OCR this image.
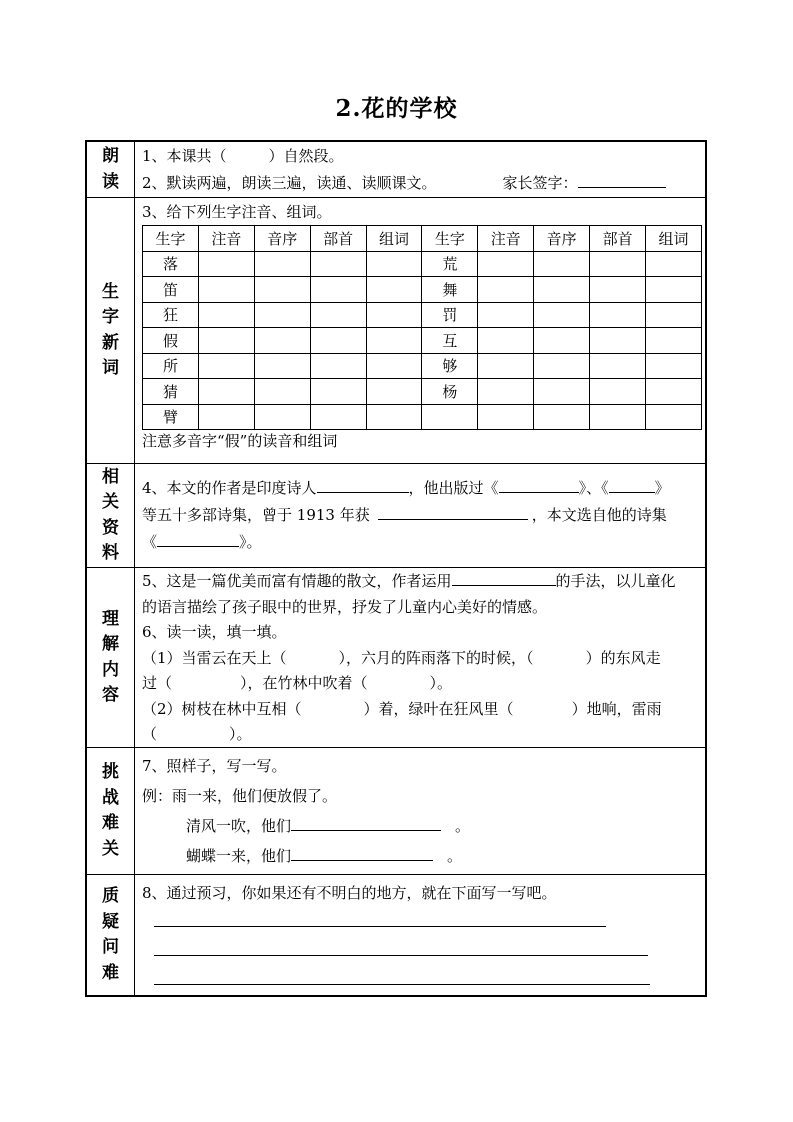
2.花的学校
朗读
1、本课共（	）自然段。
2、默读两遍，朗读三遍，读通、读顺课文。	家长签字：
生字新词
3、给下列生字注音、组词。
生字	注音	音序	部首	组词	生字	注音	音序	部首	组词
落					荒				
笛					舞				
狂					罚				
假					互				
所					够				
猜					杨				
臂									
注意多音字“假”的读音和组词
相关资料
4、本文的作者是印度诗人	，他出版过《	》、《	》
等五十多部诗集，曾于 1913 年获	，本文选自他的诗集
《	》。
理解内容
5、这是一篇优美而富有情趣的散文，作者运用	的手法，以儿童化
的语言描绘了孩子眼中的世界，抒发了儿童内心美好的情感。
6、读一读，填一填。
（1）当雷云在天上（	），六月的阵雨落下的时候，（	）的东风走
过（	），在竹林中吹着（	）。
（2）树枝在林中互相（	）着，绿叶在狂风里（	）地响，雷雨
（	）。
挑战难关
7、照样子，写一写。
例：雨一来，他们便放假了。
清风一吹，他们	。
蝴蝶一来，他们	。
质疑问难
8、通过预习，你如果还有不明白的地方，就在下面写一写吧。
